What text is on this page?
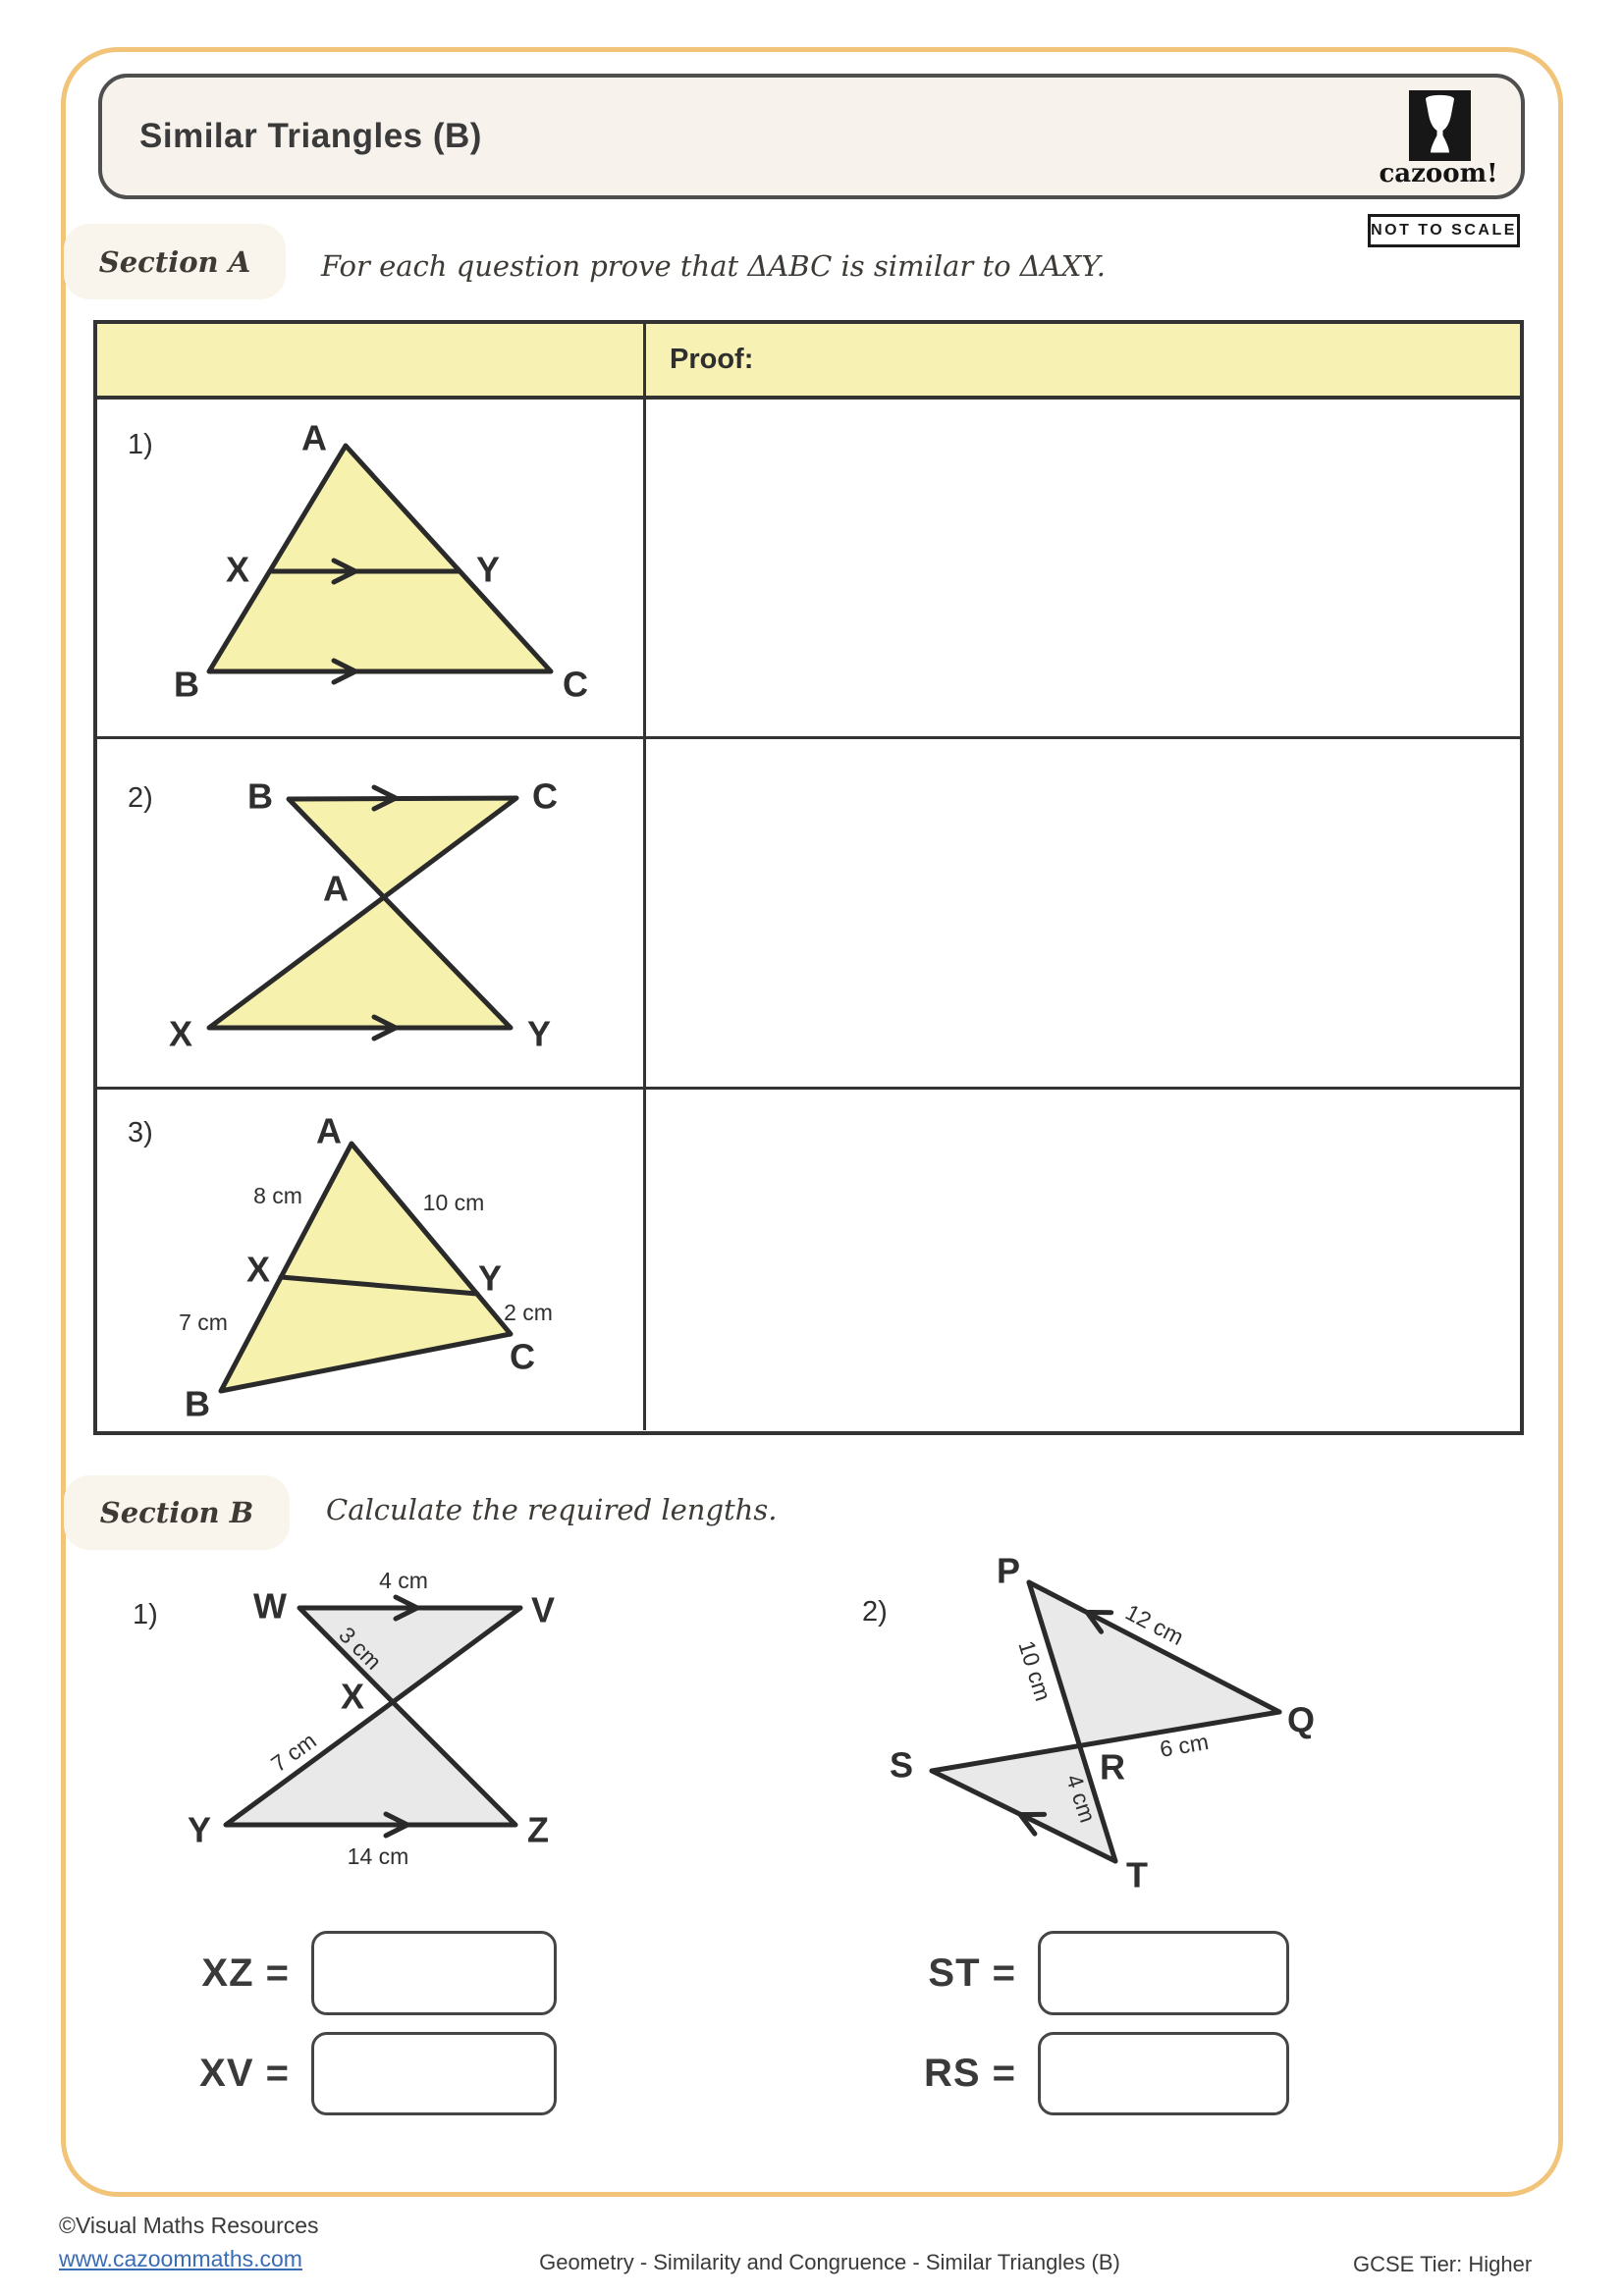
Similar Triangles (B)
cazoom!
NOT TO SCALE
Section A	For each question prove that ΔABC is similar to ΔAXY.
Proof:
1)	A
X	Y
B	C
2)	B	C
A
X	Y
3)	A
X	Y
B
C
8 cm	10 cm
7 cm	2 cm
Section B	Calculate the required lengths.
1)	W	V
X
Y	Z
4 cm
3 cm
7 cm
14 cm
2)
P
Q
R
S
T
12 cm
10 cm
6 cm
4 cm
XZ =
XV =
ST =
RS =
©Visual Maths Resources
www.cazoommaths.com	Geometry - Similarity and Congruence - Similar Triangles (B)	GCSE Tier: Higher
